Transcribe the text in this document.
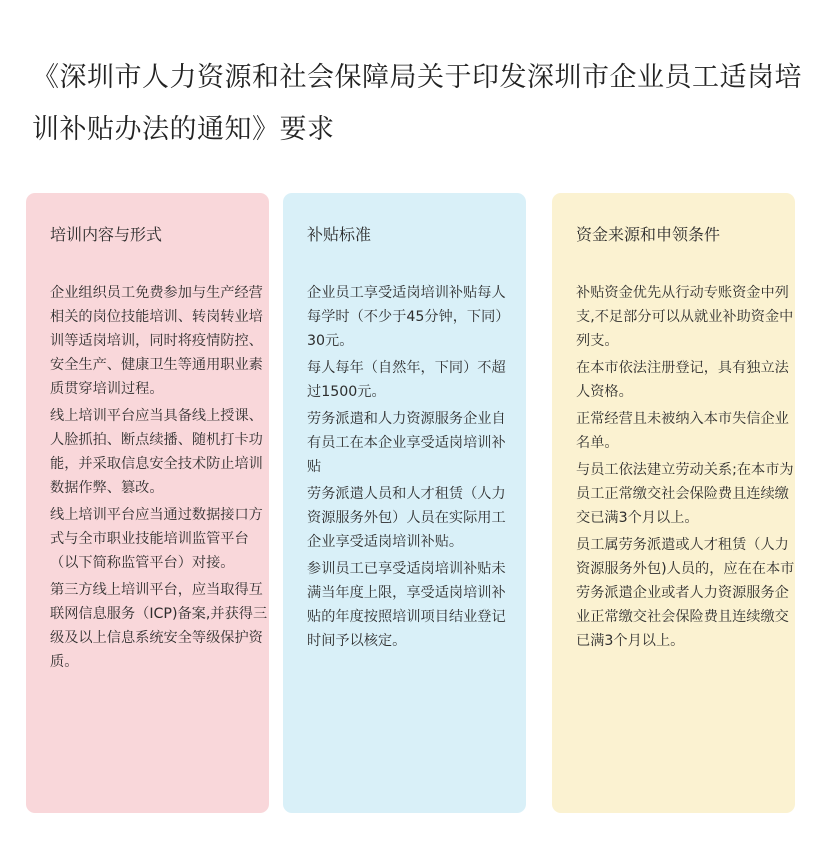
《深圳市人力资源和社会保障局关于印发深圳市企业员工适岗培训补贴办法的通知》要求
培训内容与形式

企业组织员工免费参加与生产经营相关的岗位技能培训、转岗转业培训等适岗培训，同时将疫情防控、安全生产、健康卫生等通用职业素质贯穿培训过程。

线上培训平台应当具备线上授课、人脸抓拍、断点续播、随机打卡功能，并采取信息安全技术防止培训数据作弊、篡改。

线上培训平台应当通过数据接口方式与全市职业技能培训监管平台（以下简称监管平台）对接。

第三方线上培训平台，应当取得互联网信息服务（ICP)备案,并获得三级及以上信息系统安全等级保护资质。

补贴标准

企业员工享受适岗培训补贴每人每学时（不少于45分钟，下同）30元。

每人每年（自然年，下同）不超过1500元。

劳务派遣和人力资源服务企业自有员工在本企业享受适岗培训补贴

劳务派遣人员和人才租赁（人力资源服务外包）人员在实际用工企业享受适岗培训补贴。

参训员工已享受适岗培训补贴未满当年度上限，享受适岗培训补贴的年度按照培训项目结业登记时间予以核定。

资金来源和申领条件

补贴资金优先从行动专账资金中列支,不足部分可以从就业补助资金中列支。

在本市依法注册登记，具有独立法人资格。

正常经营且未被纳入本市失信企业名单。

与员工依法建立劳动关系;在本市为员工正常缴交社会保险费且连续缴交已满3个月以上。

员工属劳务派遣或人才租赁（人力资源服务外包)人员的，应在在本市劳务派遣企业或者人力资源服务企业正常缴交社会保险费且连续缴交已满3个月以上。
